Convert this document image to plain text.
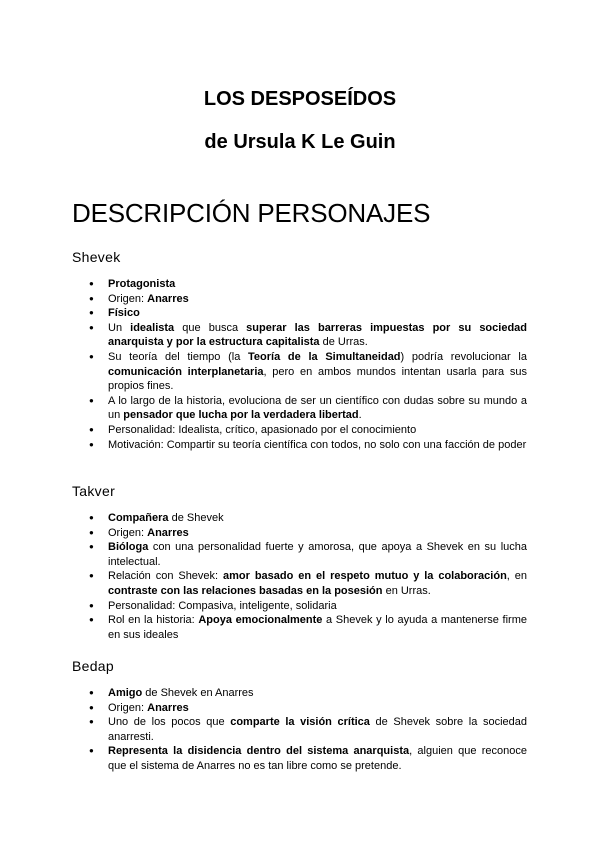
LOS DESPOSEÍDOS
de Ursula K Le Guin
DESCRIPCIÓN PERSONAJES
Shevek
● Protagonista
● Origen: Anarres
● Físico
● Un idealista que busca superar las barreras impuestas por su sociedad anarquista y por la estructura capitalista de Urras.
● Su teoría del tiempo (la Teoría de la Simultaneidad) podría revolucionar la comunicación interplanetaria, pero en ambos mundos intentan usarla para sus propios fines.
● A lo largo de la historia, evoluciona de ser un científico con dudas sobre su mundo a un pensador que lucha por la verdadera libertad.
● Personalidad: Idealista, crítico, apasionado por el conocimiento
● Motivación: Compartir su teoría científica con todos, no solo con una facción de poder
Takver
● Compañera de Shevek
● Origen: Anarres
● Bióloga con una personalidad fuerte y amorosa, que apoya a Shevek en su lucha intelectual.
● Relación con Shevek: amor basado en el respeto mutuo y la colaboración, en contraste con las relaciones basadas en la posesión en Urras.
● Personalidad: Compasiva, inteligente, solidaria
● Rol en la historia: Apoya emocionalmente a Shevek y lo ayuda a mantenerse firme en sus ideales
Bedap
● Amigo de Shevek en Anarres
● Origen: Anarres
● Uno de los pocos que comparte la visión crítica de Shevek sobre la sociedad anarresti.
● Representa la disidencia dentro del sistema anarquista, alguien que reconoce que el sistema de Anarres no es tan libre como se pretende.
